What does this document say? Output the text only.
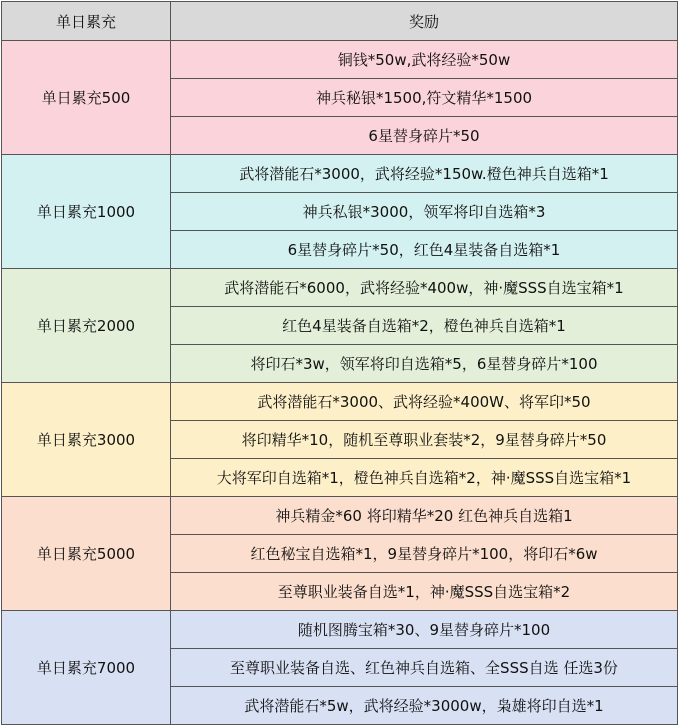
单日累充	奖励
单日累充500	铜钱*50w,武将经验*50w
	神兵秘银*1500,符文精华*1500
	6星替身碎片*50
单日累充1000	武将潜能石*3000，武将经验*150w.橙色神兵自选箱*1
	神兵私银*3000，领军将印自选箱*3
	6星替身碎片*50，红色4星装备自选箱*1
单日累充2000	武将潜能石*6000，武将经验*400w，神·魔SSS自选宝箱*1
	红色4星装备自选箱*2，橙色神兵自选箱*1
	将印石*3w，领军将印自选箱*5，6星替身碎片*100
单日累充3000	武将潜能石*3000、武将经验*400W、将军印*50
	将印精华*10，随机至尊职业套装*2，9星替身碎片*50
	大将军印自选箱*1，橙色神兵自选箱*2，神·魔SSS自选宝箱*1
单日累充5000	神兵精金*60 将印精华*20 红色神兵自选箱1
	红色秘宝自选箱*1，9星替身碎片*100，将印石*6w
	至尊职业装备自选*1，神·魔SSS自选宝箱*2
单日累充7000	随机图腾宝箱*30、9星替身碎片*100
	至尊职业装备自选、红色神兵自选箱、全SSS自选 任选3份
	武将潜能石*5w，武将经验*3000w，枭雄将印自选*1
